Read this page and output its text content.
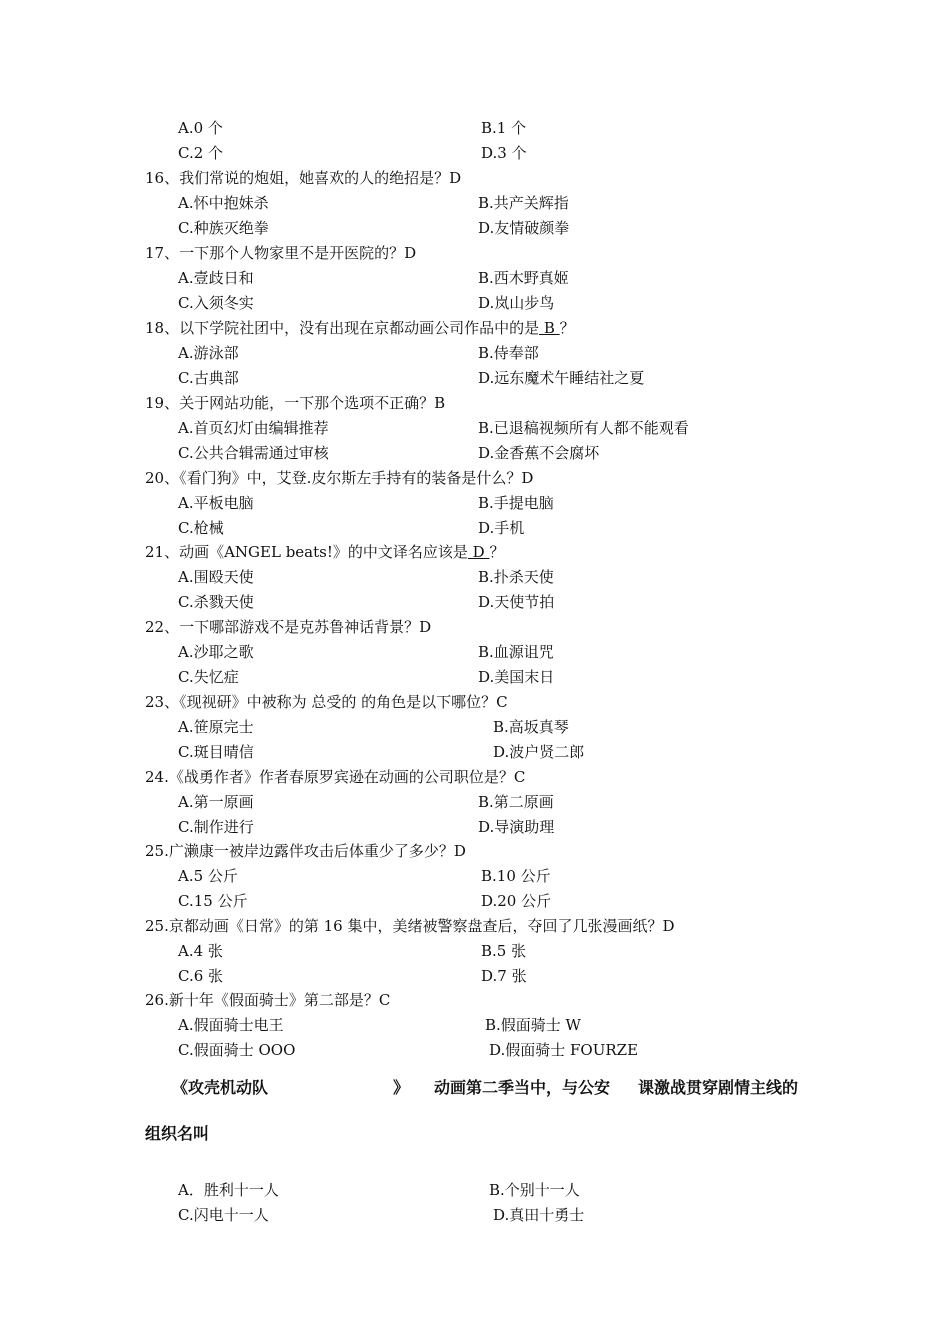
A.0 个	B.1 个
C.2 个	D.3 个
16、我们常说的炮姐，她喜欢的人的绝招是？D
A.怀中抱妹杀	B.共产关辉指
C.种族灭绝拳	D.友情破颜拳
17、一下那个人物家里不是开医院的？D
A.壹歧日和	B.西木野真姬
C.入须冬实	D.岚山步鸟
18、以下学院社团中，没有出现在京都动画公司作品中的是 B ？
A.游泳部	B.侍奉部
C.古典部	D.远东魔术午睡结社之夏
19、关于网站功能，一下那个选项不正确？B
A.首页幻灯由编辑推荐	B.已退稿视频所有人都不能观看
C.公共合辑需通过审核	D.金香蕉不会腐坏
20、《看门狗》中，艾登.皮尔斯左手持有的装备是什么？D
A.平板电脑	B.手提电脑
C.枪械	D.手机
21、动画《ANGEL beats!》的中文译名应该是 D ？
A.围殴天使	B.扑杀天使
C.杀戮天使	D.天使节拍
22、一下哪部游戏不是克苏鲁神话背景？D
A.沙耶之歌	B.血源诅咒
C.失忆症	D.美国末日
23、《现视研》中被称为 总受的 的角色是以下哪位？C
A.笹原完士	B.高坂真琴
C.斑目晴信	D.波户贤二郎
24.《战勇作者》作者春原罗宾逊在动画的公司职位是？C
A.第一原画	B.第二原画
C.制作进行	D.导演助理
25.广濑康一被岸边露伴攻击后体重少了多少？D
A.5 公斤	B.10 公斤
C.15 公斤	D.20 公斤
25.京都动画《日常》的第 16 集中，美绪被警察盘查后，夺回了几张漫画纸？D
A.4 张	B.5 张
C.6 张	D.7 张
26.新十年《假面骑士》第二部是？C
A.假面骑士电王	B.假面骑士 W
C.假面骑士 OOO	D.假面骑士 FOURZE
《攻壳机动队	》 动画第二季当中，与公安 课激战贯穿剧情主线的
组织名叫
A．胜利十一人	B.个别十一人
C.闪电十一人	D.真田十勇士
